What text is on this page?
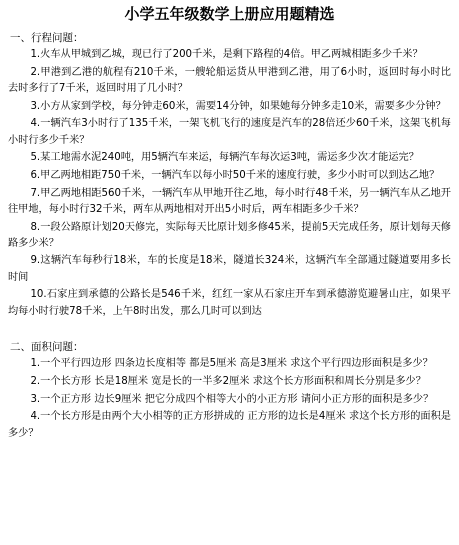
小学五年级数学上册应用题精选
一、行程问题：
1.火车从甲城到乙城，现已行了200千米，是剩下路程的4倍。甲乙两城相距多少千米？
2.甲港到乙港的航程有210千米，一艘轮船运货从甲港到乙港，用了6小时，返回时每小时比去时多行了7千米，返回时用了几小时？
3.小方从家到学校，每分钟走60米，需要14分钟，如果她每分钟多走10米，需要多少分钟？
4.一辆汽车3小时行了135千米，一架飞机飞行的速度是汽车的28倍还少60千米，这架飞机每小时行多少千米？
5.某工地需水泥240吨，用5辆汽车来运，每辆汽车每次运3吨，需运多少次才能运完？
6.甲乙两地相距750千米，一辆汽车以每小时50千米的速度行驶，多少小时可以到达乙地？
7.甲乙两地相距560千米，一辆汽车从甲地开往乙地，每小时行48千米，另一辆汽车从乙地开往甲地，每小时行32千米，两车从两地相对开出5小时后，两车相距多少千米？
8.一段公路原计划20天修完，实际每天比原计划多修45米，提前5天完成任务，原计划每天修路多少米？
9.这辆汽车每秒行18米，车的长度是18米，隧道长324米，这辆汽车全部通过隧道要用多长时间
10.石家庄到承德的公路长是546千米，红红一家从石家庄开车到承德游览避暑山庄，如果平均每小时行驶78千米，上午8时出发，那么几时可以到达
二、面积问题：
1.一个平行四边形 四条边长度相等 都是5厘米 高是3厘米 求这个平行四边形面积是多少？
2.一个长方形 长是18厘米 宽是长的一半多2厘米 求这个长方形面积和周长分别是多少？
3.一个正方形 边长9厘米 把它分成四个相等大小的小正方形 请问小正方形的面积是多少？
4.一个长方形是由两个大小相等的正方形拼成的 正方形的边长是4厘米 求这个长方形的面积是多少？
